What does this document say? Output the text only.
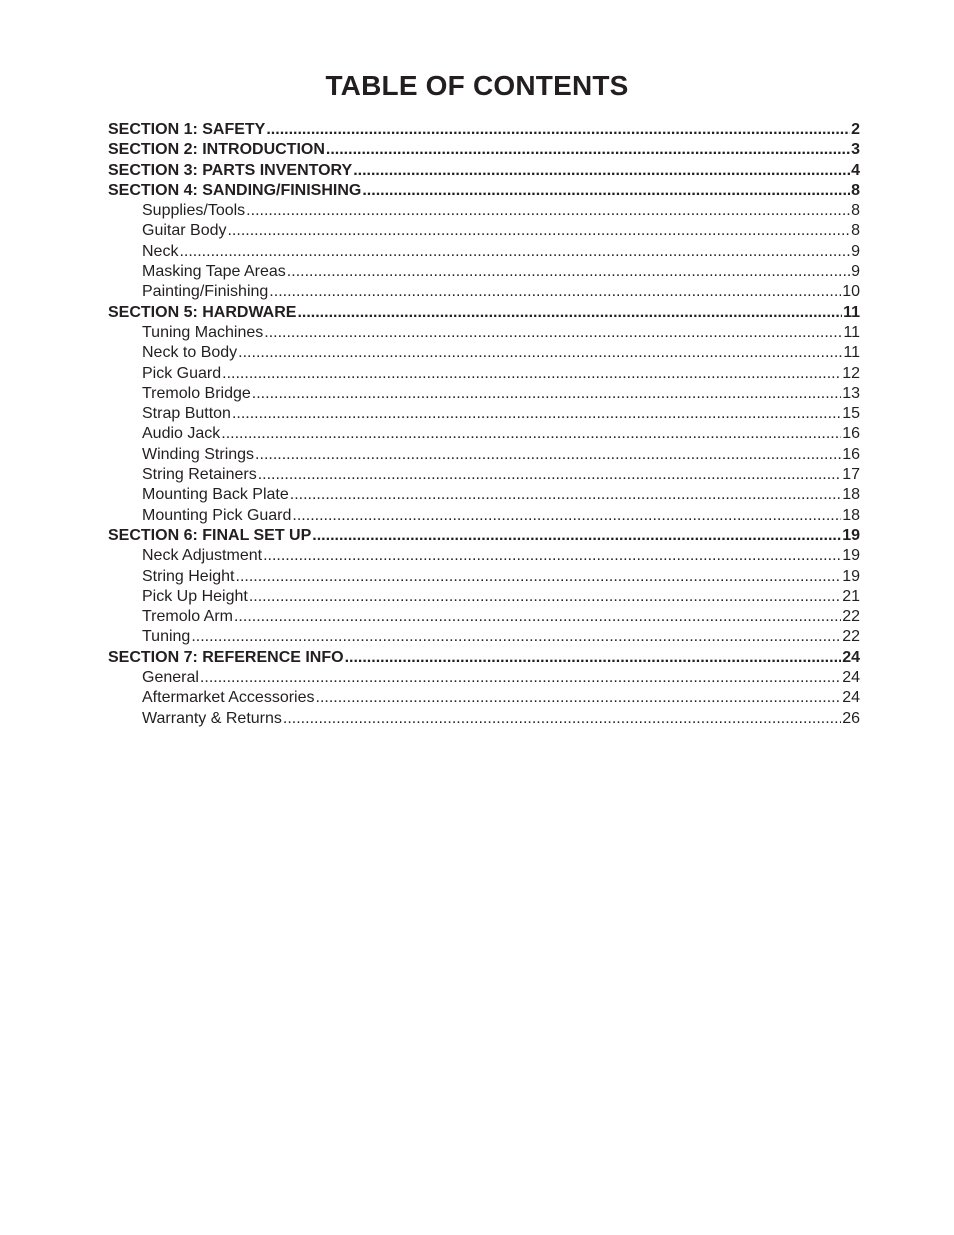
TABLE OF CONTENTS
SECTION 1: SAFETY .....	2
SECTION 2: INTRODUCTION .....	3
SECTION 3: PARTS INVENTORY .....	4
SECTION 4: SANDING/FINISHING .....	8
Supplies/Tools .....	8
Guitar Body .....	8
Neck .....	9
Masking Tape Areas .....	9
Painting/Finishing .....	10
SECTION 5: HARDWARE .....	11
Tuning Machines .....	11
Neck to Body .....	11
Pick Guard .....	12
Tremolo Bridge .....	13
Strap Button .....	15
Audio Jack .....	16
Winding Strings .....	16
String Retainers .....	17
Mounting Back Plate .....	18
Mounting Pick Guard .....	18
SECTION 6: FINAL SET UP .....	19
Neck Adjustment .....	19
String Height .....	19
Pick Up Height .....	21
Tremolo Arm .....	22
Tuning .....	22
SECTION 7: REFERENCE INFO .....	24
General .....	24
Aftermarket Accessories .....	24
Warranty & Returns .....	26
